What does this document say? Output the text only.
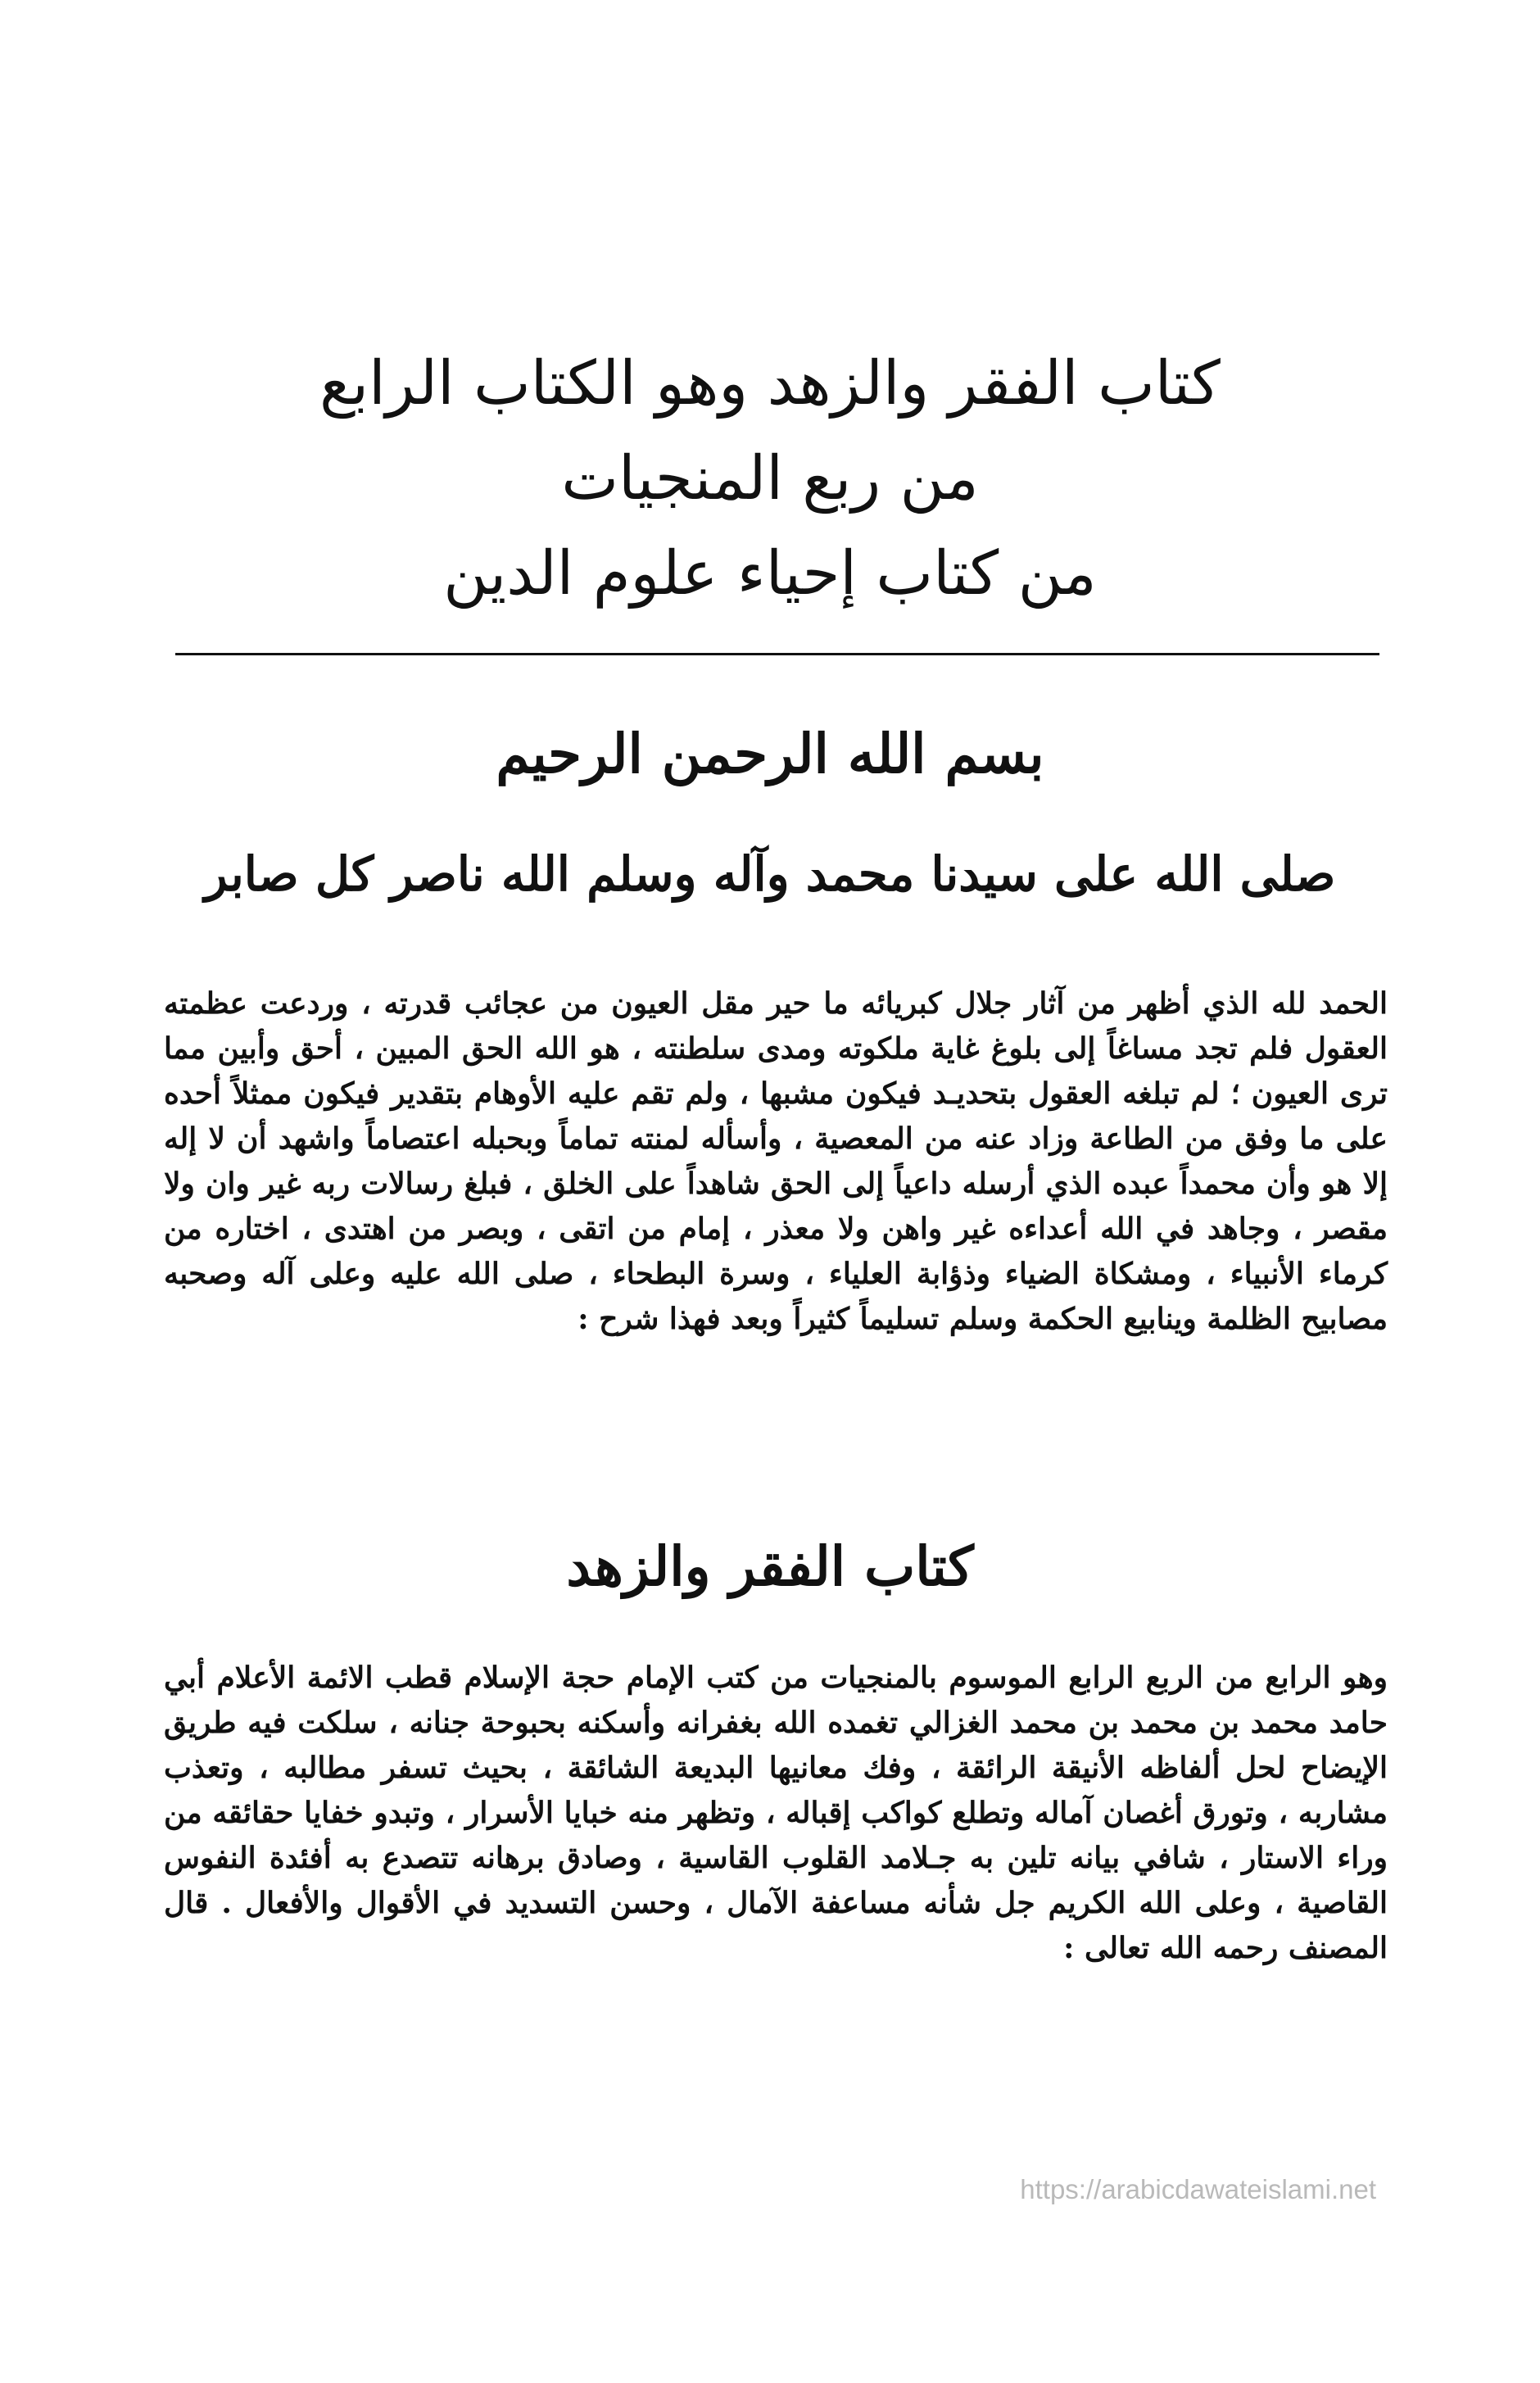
كتاب الفقر والزهد وهو الكتاب الرابع

من ربع المنجيات

من كتاب إحياء علوم الدين

بسم الله الرحمن الرحيم
صلى الله على سيدنا محمد وآله وسلم الله ناصر كل صابر

الحمد لله الذي أظهر من آثار جلال كبريائه ما حير مقل العيون من عجائب قدرته ، وردعت عظمته العقول فلم تجد مساغاً إلى بلوغ غاية ملكوته ومدى سلطنته ، هو الله الحق المبين ، أحق وأبين مما ترى العيون ؛ لم تبلغه العقول بتحديـد فيكون مشبها ، ولم تقم عليه الأوهام بتقدير فيكون ممثلاً أحده على ما وفق من الطاعة وزاد عنه من المعصية ، وأسأله لمنته تماماً وبحبله اعتصاماً واشهد أن لا إله إلا هو وأن محمداً عبده الذي أرسله داعياً إلى الحق شاهداً على الخلق ، فبلغ رسالات ربه غير وان ولا مقصر ، وجاهد في الله أعداءه غير واهن ولا معذر ، إمام من اتقى ، وبصر من اهتدى ، اختاره من كرماء الأنبياء ، ومشكاة الضياء وذؤابة العلياء ، وسرة البطحاء ، صلى الله عليه وعلى آله وصحبه مصابيح الظلمة وينابيع الحكمة وسلم تسليماً كثيراً وبعد فهذا شرح :

كتاب الفقر والزهد

وهو الرابع من الربع الرابع الموسوم بالمنجيات من كتب الإمام حجة الإسلام قطب الائمة الأعلام أبي حامد محمد بن محمد بن محمد الغزالي تغمده الله بغفرانه وأسكنه بحبوحة جنانه ، سلكت فيه طريق الإيضاح لحل ألفاظه الأنيقة الرائقة ، وفك معانيها البديعة الشائقة ، بحيث تسفر مطالبه ، وتعذب مشاربه ، وتورق أغصان آماله وتطلع كواكب إقباله ، وتظهر منه خبايا الأسرار ، وتبدو خفايا حقائقه من وراء الاستار ، شافي بيانه تلين به جـلامد القلوب القاسية ، وصادق برهانه تتصدع به أفئدة النفوس القاصية ، وعلى الله الكريم جل شأنه مساعفة الآمال ، وحسن التسديد في الأقوال والأفعال . قال المصنف رحمه الله تعالى :

https://arabicdawateislami.net
